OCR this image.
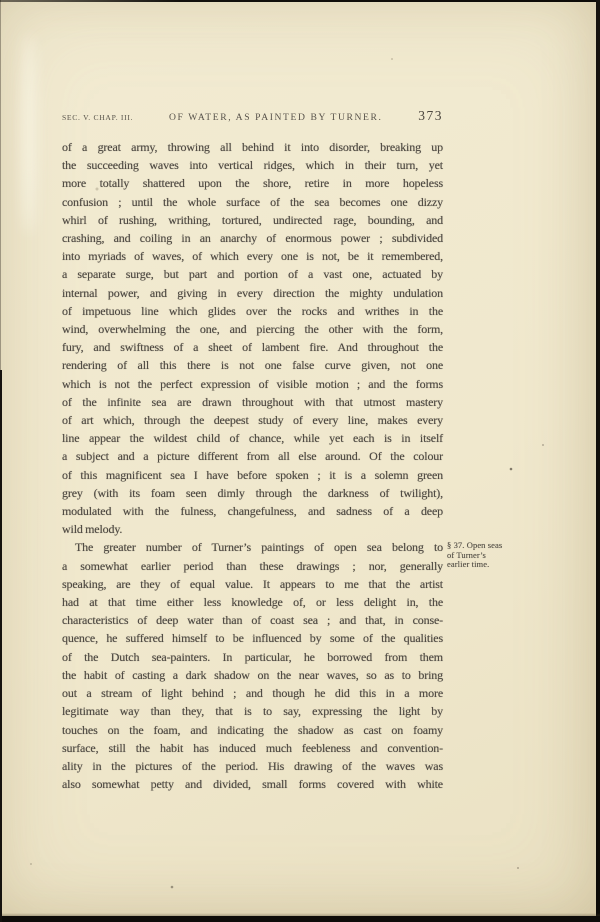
SEC. V. CHAP. III.	OF WATER, AS PAINTED BY TURNER.	373
of a great army, throwing all behind it into disorder, breaking up
the succeeding waves into vertical ridges, which in their turn, yet
more totally shattered upon the shore, retire in more hopeless
confusion ; until the whole surface of the sea becomes one dizzy
whirl of rushing, writhing, tortured, undirected rage, bounding, and
crashing, and coiling in an anarchy of enormous power ; subdivided
into myriads of waves, of which every one is not, be it remembered,
a separate surge, but part and portion of a vast one, actuated by
internal power, and giving in every direction the mighty undulation
of impetuous line which glides over the rocks and writhes in the
wind, overwhelming the one, and piercing the other with the form,
fury, and swiftness of a sheet of lambent fire. And throughout the
rendering of all this there is not one false curve given, not one
which is not the perfect expression of visible motion ; and the forms
of the infinite sea are drawn throughout with that utmost mastery
of art which, through the deepest study of every line, makes every
line appear the wildest child of chance, while yet each is in itself
a subject and a picture different from all else around. Of the colour
of this magnificent sea I have before spoken ; it is a solemn green
grey (with its foam seen dimly through the darkness of twilight),
modulated with the fulness, changefulness, and sadness of a deep
wild melody.
The greater number of Turner’s paintings of open sea belong to
a somewhat earlier period than these drawings ; nor, generally
speaking, are they of equal value. It appears to me that the artist
had at that time either less knowledge of, or less delight in, the
characteristics of deep water than of coast sea ; and that, in conse-
quence, he suffered himself to be influenced by some of the qualities
of the Dutch sea-painters. In particular, he borrowed from them
the habit of casting a dark shadow on the near waves, so as to bring
out a stream of light behind ; and though he did this in a more
legitimate way than they, that is to say, expressing the light by
touches on the foam, and indicating the shadow as cast on foamy
surface, still the habit has induced much feebleness and convention-
ality in the pictures of the period. His drawing of the waves was
also somewhat petty and divided, small forms covered with white
§ 37. Open seas
of Turner’s
earlier time.
